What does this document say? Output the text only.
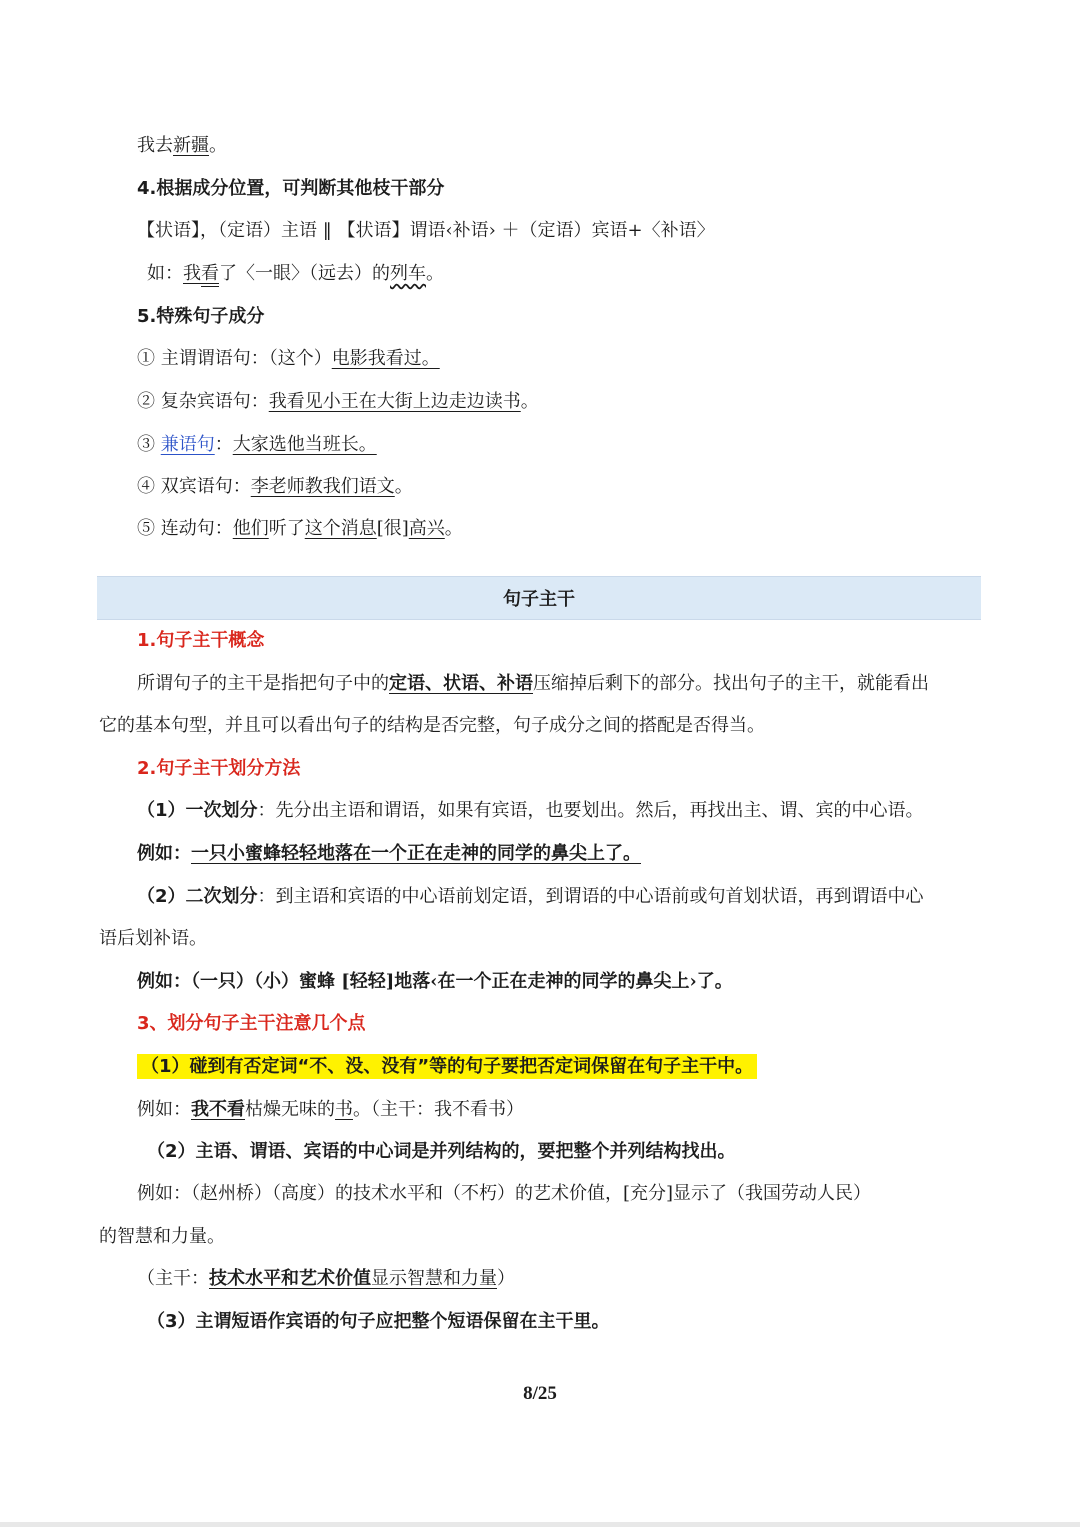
我去新疆。
4.根据成分位置，可判断其他枝干部分
【状语】，（定语）主语 ‖ 【状语】谓语‹补语› ＋（定语）宾语+〈补语〉
如：我看了〈一眼〉（远去）的列车。
5.特殊句子成分
① 主谓谓语句：（这个）电影我看过。
② 复杂宾语句：我看见小王在大街上边走边读书。
③ 兼语句：大家选他当班长。
④ 双宾语句：李老师教我们语文。
⑤ 连动句：他们听了这个消息[很]高兴。
句子主干
1.句子主干概念
所谓句子的主干是指把句子中的定语、状语、补语压缩掉后剩下的部分。找出句子的主干，就能看出
它的基本句型，并且可以看出句子的结构是否完整，句子成分之间的搭配是否得当。
2.句子主干划分方法
（1）一次划分：先分出主语和谓语，如果有宾语，也要划出。然后，再找出主、谓、宾的中心语。
例如：一只小蜜蜂轻轻地落在一个正在走神的同学的鼻尖上了。
（2）二次划分：到主语和宾语的中心语前划定语，到谓语的中心语前或句首划状语，再到谓语中心
语后划补语。
例如：（一只）（小）蜜蜂 [轻轻]地落‹在一个正在走神的同学的鼻尖上›了。
3、划分句子主干注意几个点
（1）碰到有否定词“不、没、没有”等的句子要把否定词保留在句子主干中。
例如：我不看枯燥无味的书。（主干：我不看书）
（2）主语、谓语、宾语的中心词是并列结构的，要把整个并列结构找出。
例如：（赵州桥）（高度）的技术水平和（不朽）的艺术价值，[充分]显示了（我国劳动人民）
的智慧和力量。
（主干：技术水平和艺术价值显示智慧和力量）
（3）主谓短语作宾语的句子应把整个短语保留在主干里。
8/25
